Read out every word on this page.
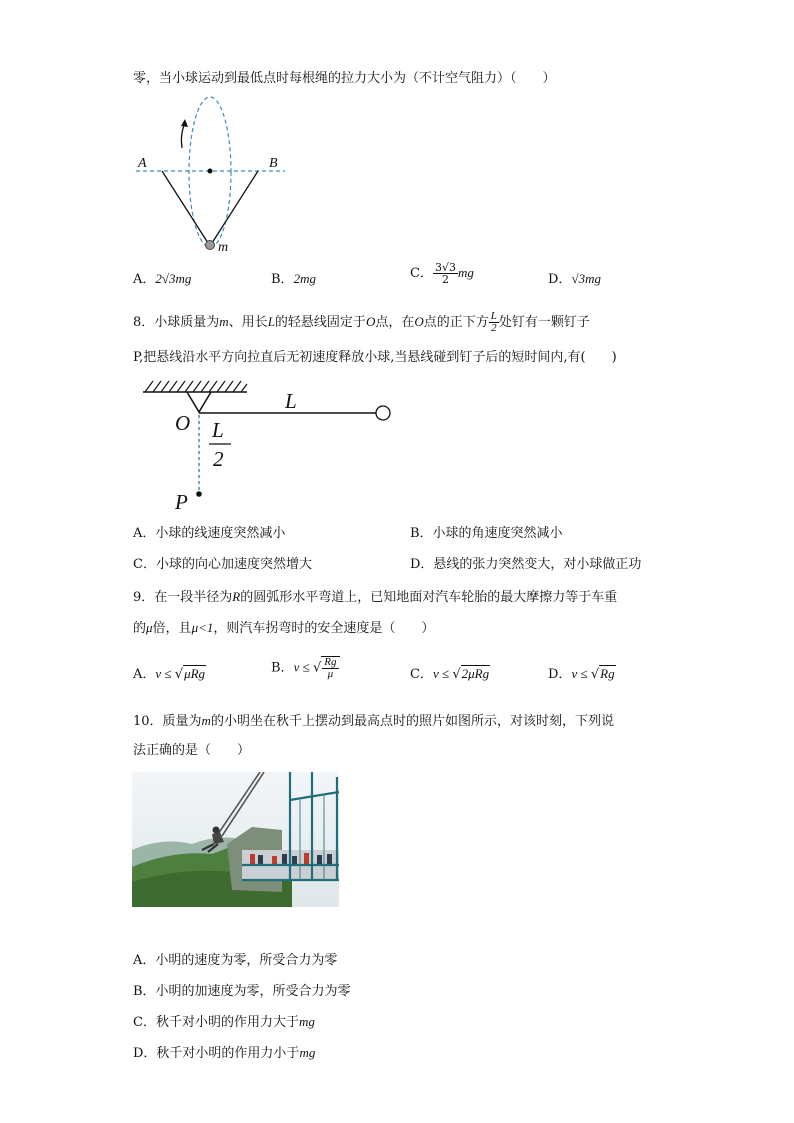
零，当小球运动到最低点时每根绳的拉力大小为（不计空气阻力）（　　）
A	B
m
A．2√3mg	B．2mg	C． $\frac{3√3}{2}$ mg	D．√3mg
8．小球质量为m、用长L的轻悬线固定于O点，在O点的正下方 $\frac{L}{2}$ 处钉有一颗钉子
P,把悬线沿水平方向拉直后无初速度释放小球,当悬线碰到钉子后的短时间内,有(　　)
O
L
L
2
P
A．小球的线速度突然减小	B．小球的角速度突然减小
C．小球的向心加速度突然增大	D．悬线的张力突然变大，对小球做正功
9．在一段半径为R的圆弧形水平弯道上，已知地面对汽车轮胎的最大摩擦力等于车重
的μ倍，且μ<1，则汽车拐弯时的安全速度是（　　）
A．v ≤ √μRg	B．v ≤ √ $\frac{Rg}{\mu}$	C．v ≤ √2μRg	D．v ≤ √Rg
10．质量为m的小明坐在秋千上摆动到最高点时的照片如图所示，对该时刻，下列说
法正确的是（　　）
A．小明的速度为零，所受合力为零
B．小明的加速度为零，所受合力为零
C．秋千对小明的作用力大于mg
D．秋千对小明的作用力小于mg
